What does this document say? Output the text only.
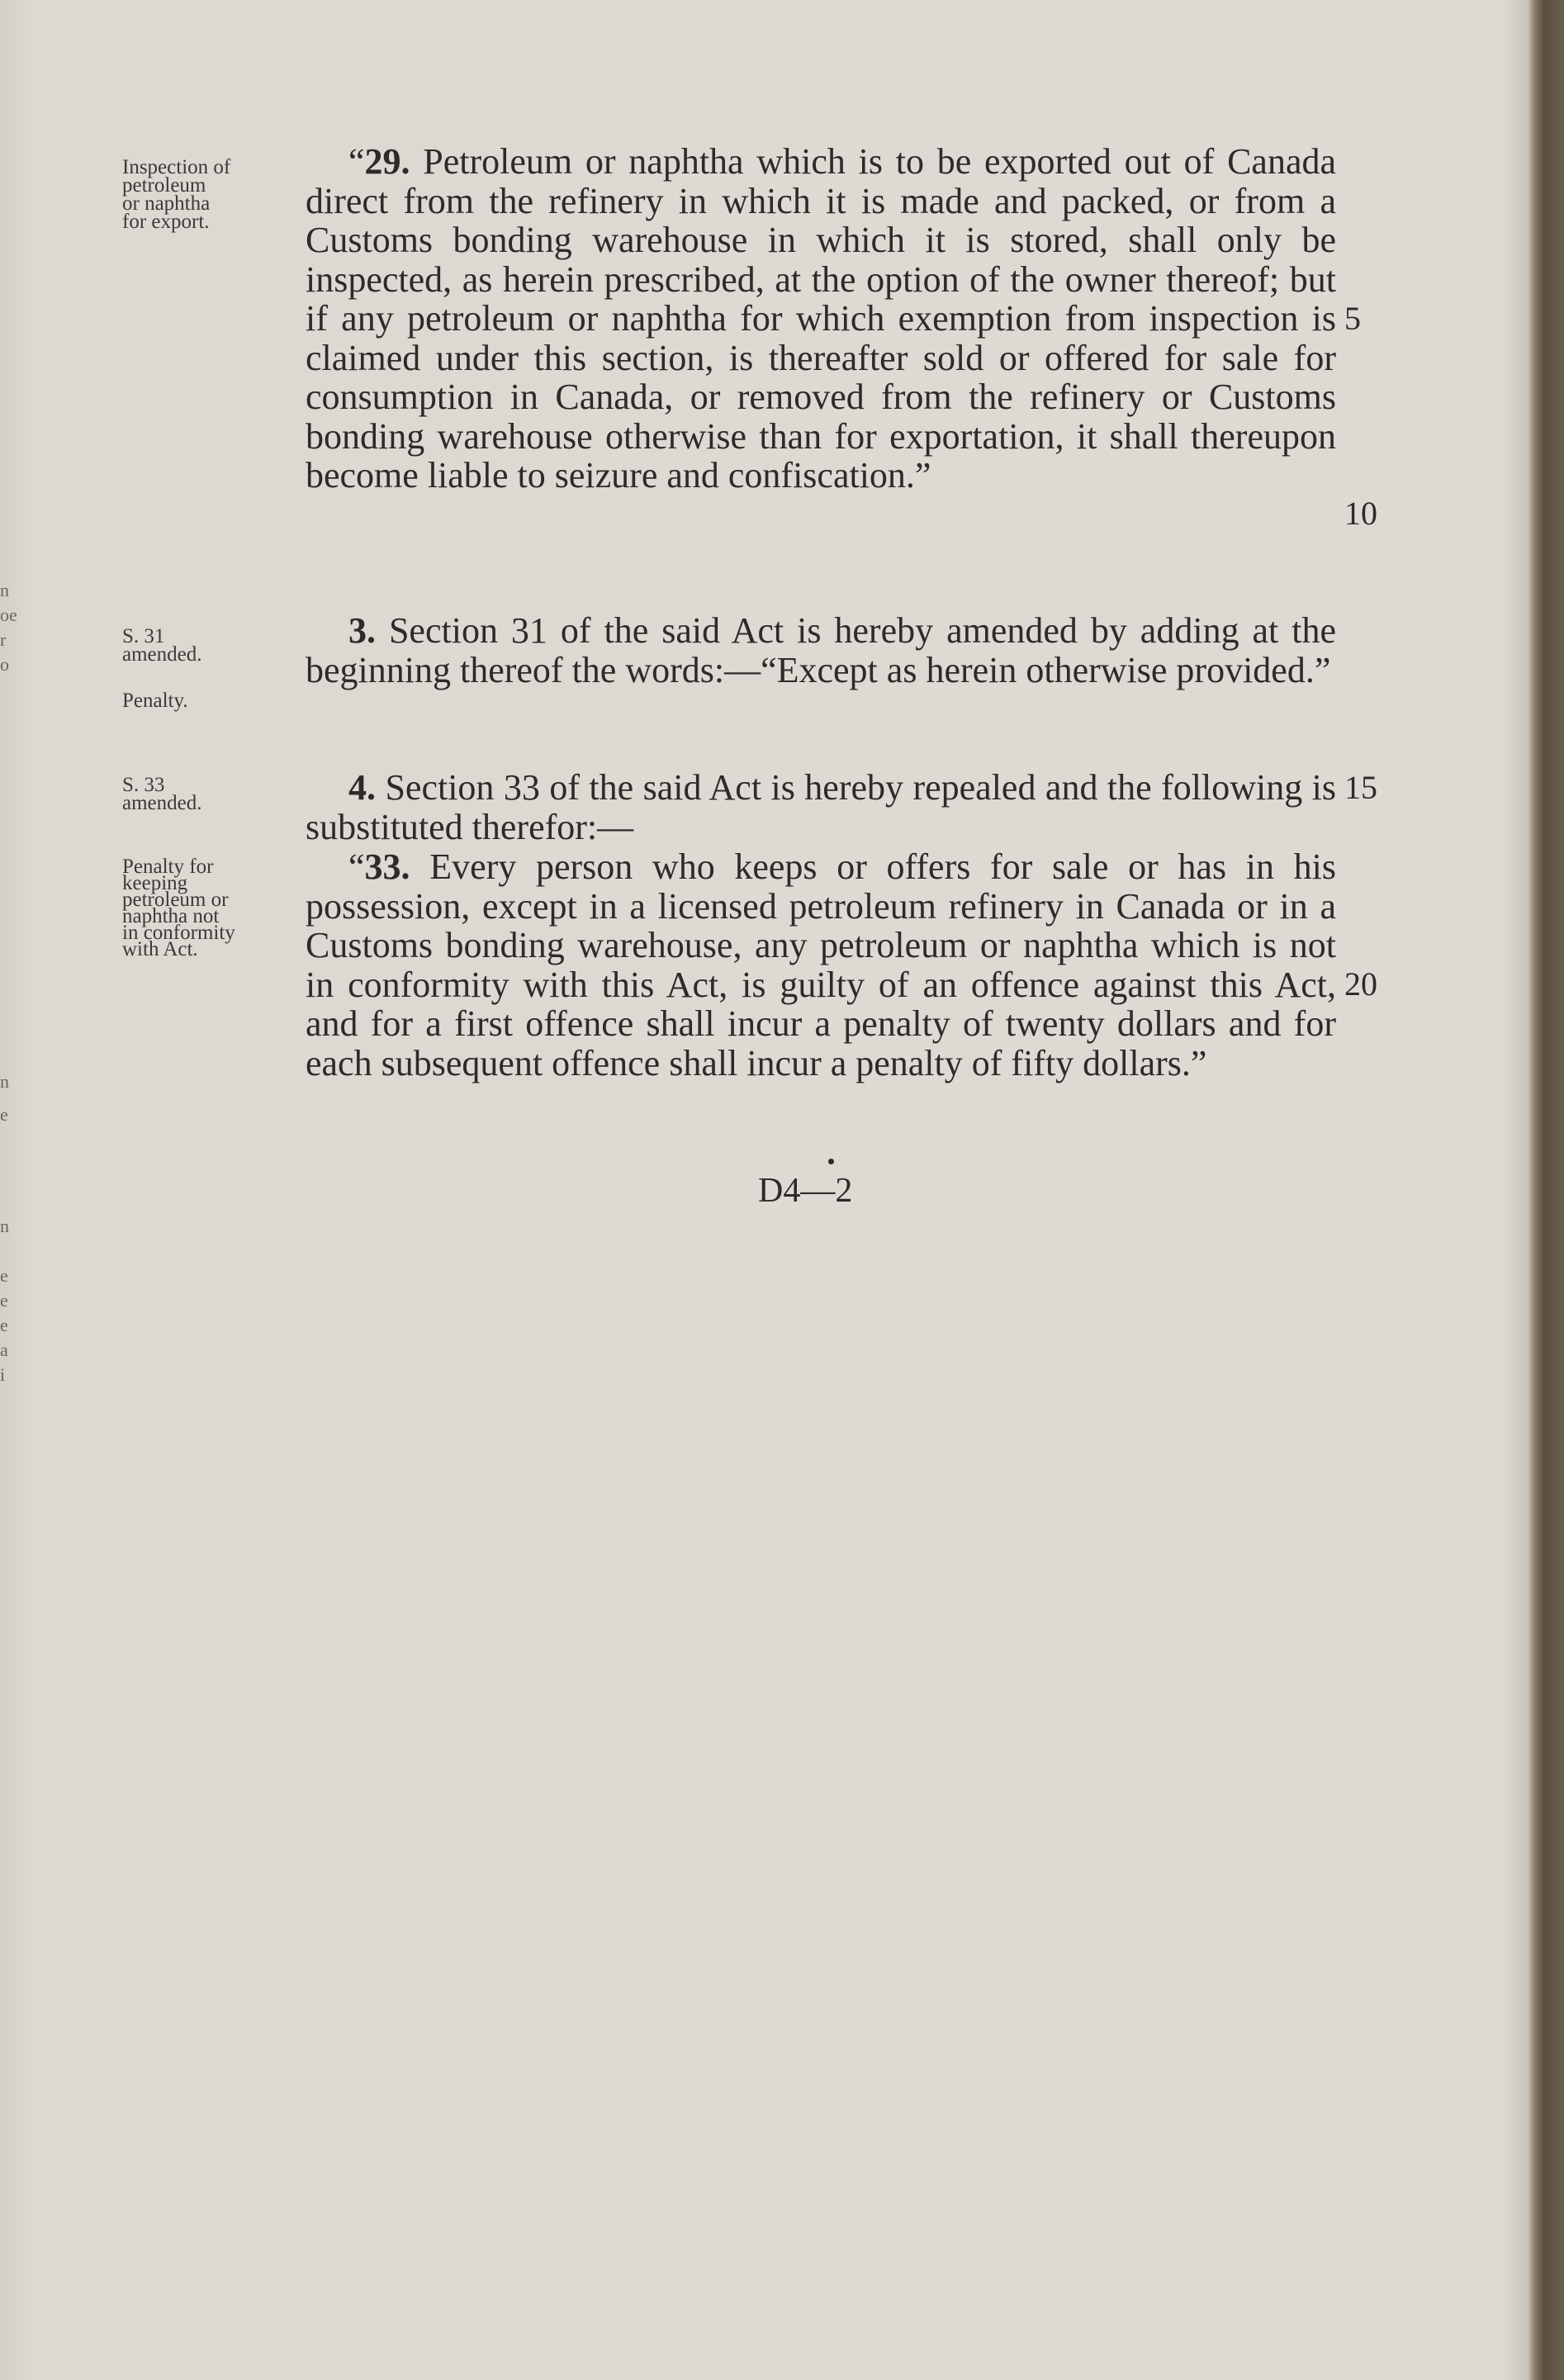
n
oe
r
o
n
e
n
e
e
e
a
i
Inspection of
petroleum
or naphtha
for export.
S. 31
amended.
Penalty.
S. 33
amended.
Penalty for
keeping
petroleum or
naphtha not
in conformity
with Act.

“29. Petroleum or naphtha which is to be exported out of Canada direct from the refinery in which it is made and packed, or from a Customs bonding warehouse in which it is stored, shall only be inspected, as herein prescribed, at the option of the owner thereof; but if any petroleum or naphtha for which exemption from inspection is claimed under this section, is thereafter sold or offered for sale for consumption in Canada, or removed from the refinery or Customs bonding warehouse otherwise than for exportation, it shall thereupon become liable to seizure and confiscation.”

3. Section 31 of the said Act is hereby amended by adding at the beginning thereof the words:—“Except as herein otherwise provided.”

4. Section 33 of the said Act is hereby repealed and the following is substituted therefor:—

“33. Every person who keeps or offers for sale or has in his possession, except in a licensed petroleum refinery in Canada or in a Customs bonding warehouse, any petroleum or naphtha which is not in conformity with this Act, is guilty of an offence against this Act, and for a first offence shall incur a penalty of twenty dollars and for each subsequent offence shall incur a penalty of fifty dollars.”

5
10
15
20
D4—2
